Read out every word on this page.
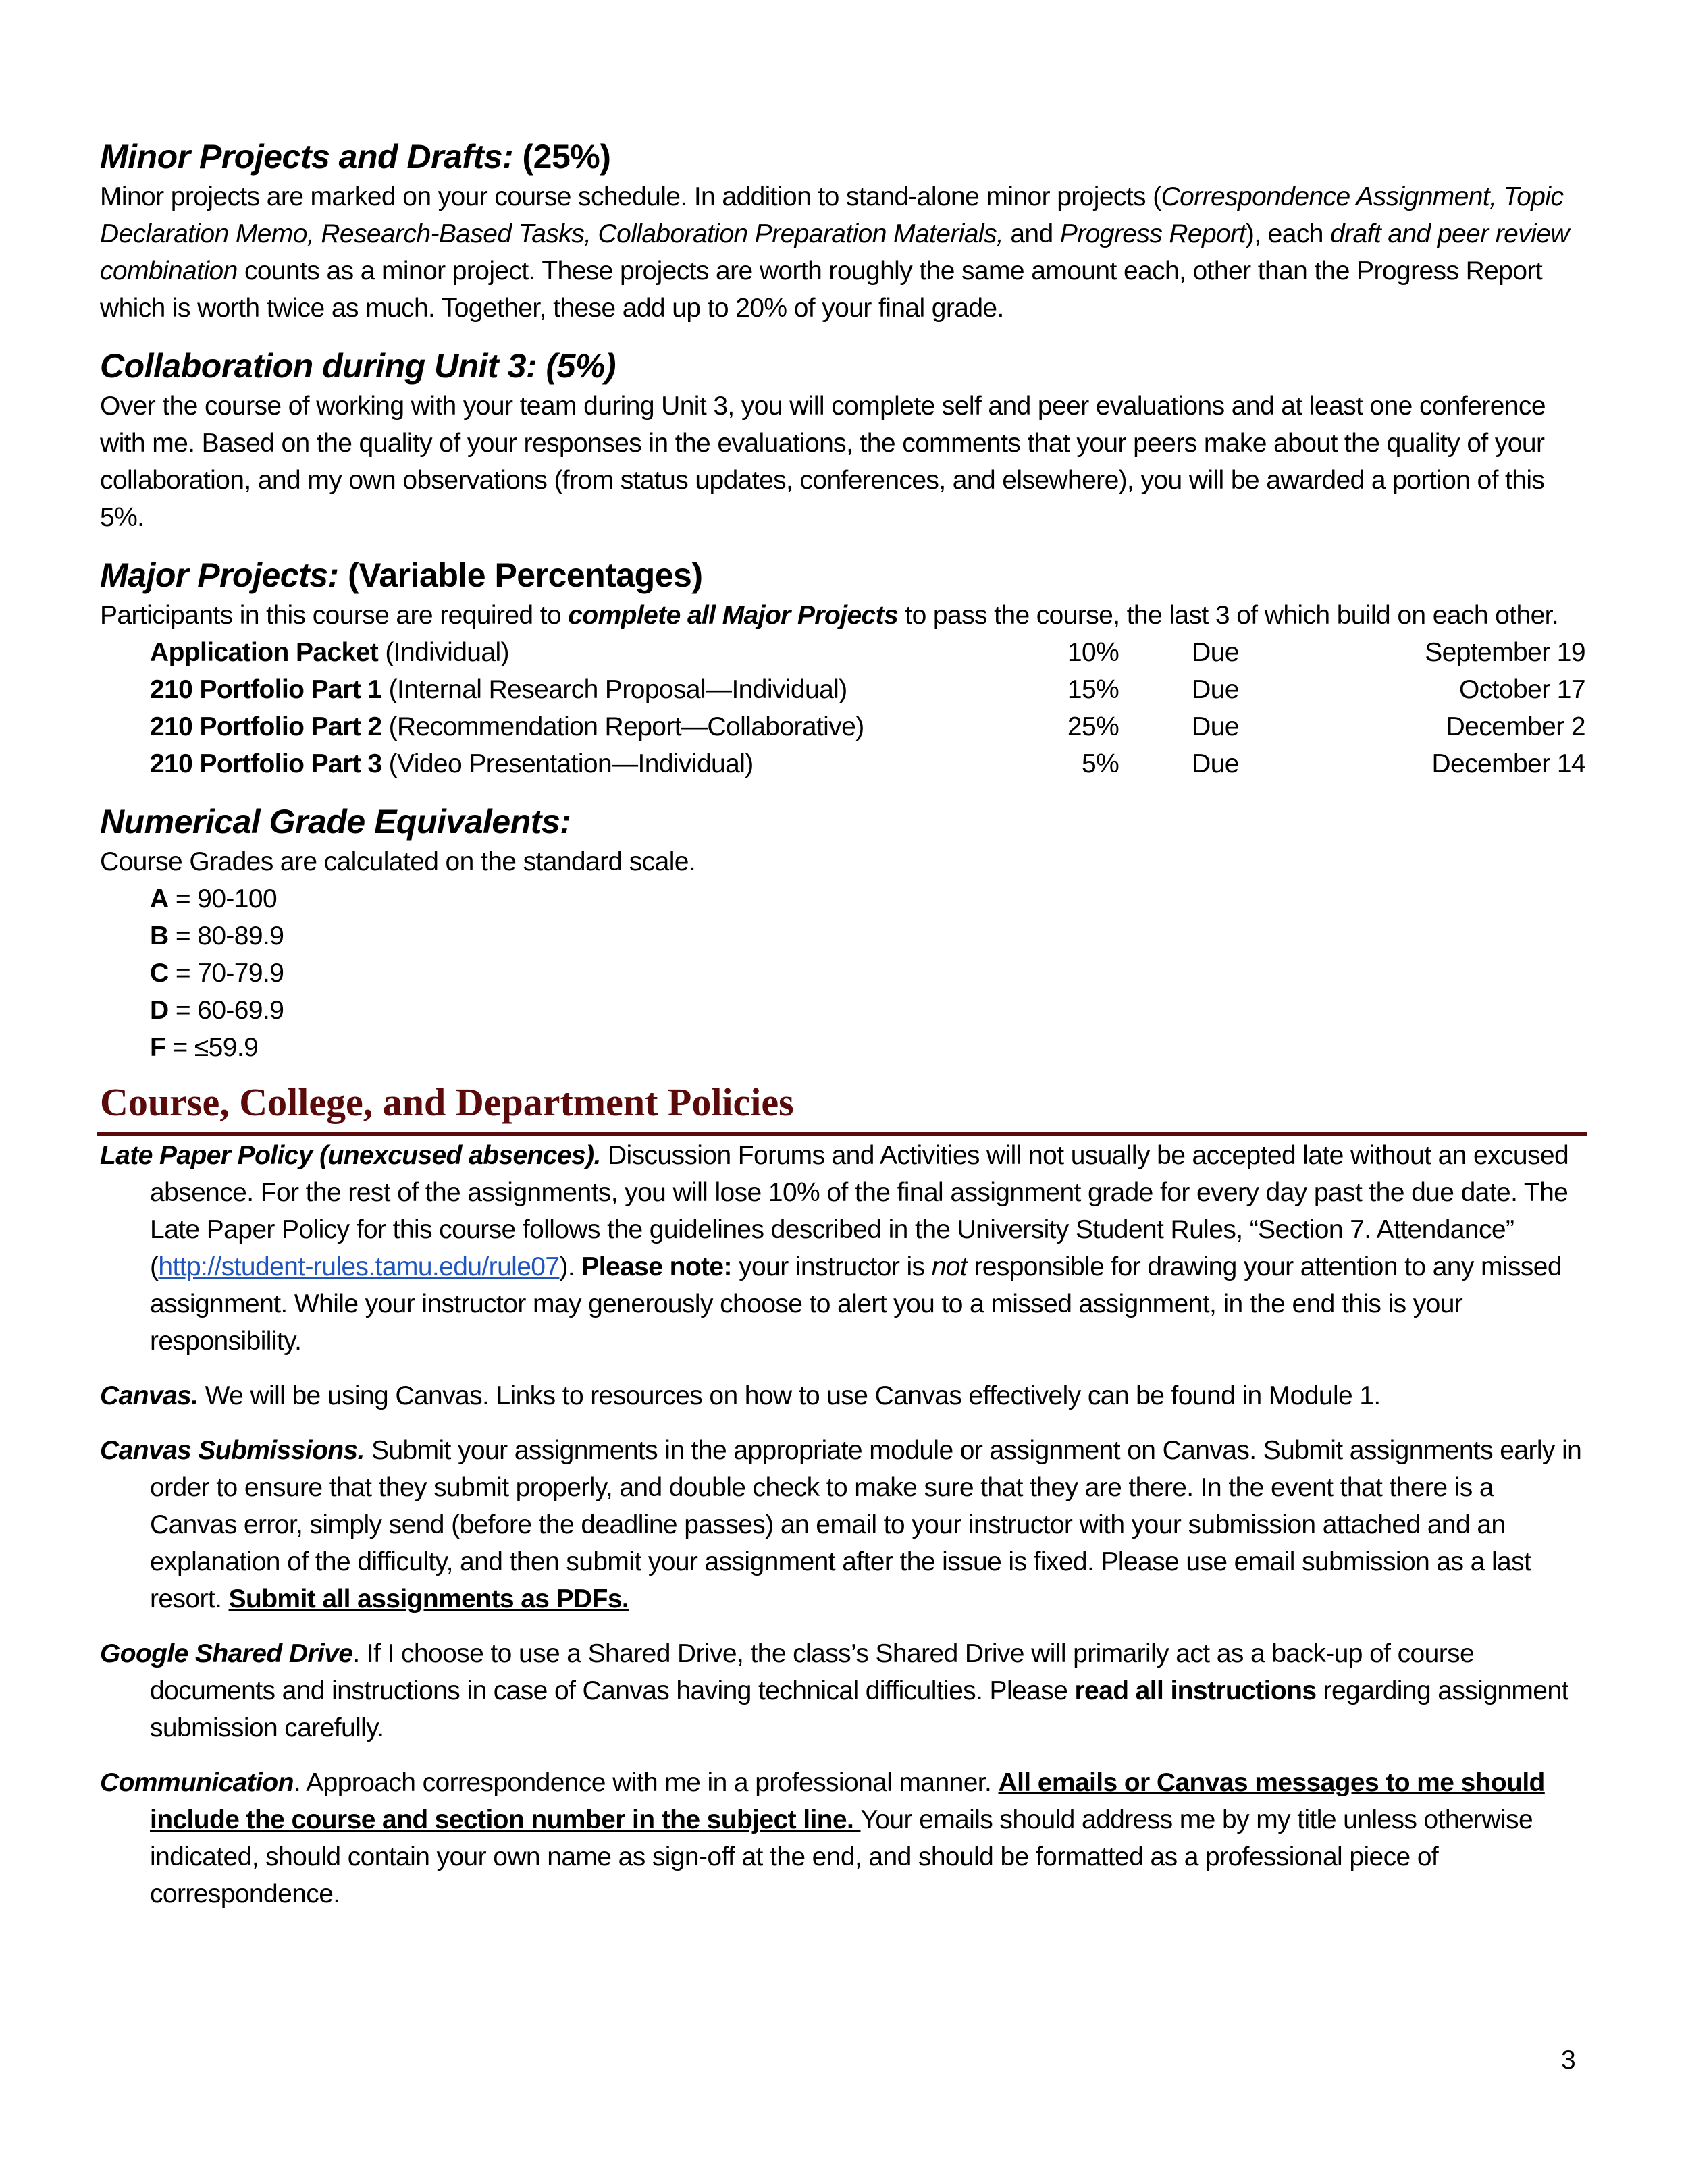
Minor Projects and Drafts: (25%)

Minor projects are marked on your course schedule. In addition to stand-alone minor projects (Correspondence Assignment, Topic Declaration Memo, Research-Based Tasks, Collaboration Preparation Materials, and Progress Report), each draft and peer review combination counts as a minor project. These projects are worth roughly the same amount each, other than the Progress Report which is worth twice as much. Together, these add up to 20% of your final grade.

Collaboration during Unit 3: (5%)

Over the course of working with your team during Unit 3, you will complete self and peer evaluations and at least one conference with me. Based on the quality of your responses in the evaluations, the comments that your peers make about the quality of your collaboration, and my own observations (from status updates, conferences, and elsewhere), you will be awarded a portion of this 5%.

Major Projects: (Variable Percentages)

Participants in this course are required to complete all Major Projects to pass the course, the last 3 of which build on each other.

Application Packet (Individual)	10%	Due	September 19
210 Portfolio Part 1 (Internal Research Proposal—Individual)	15%	Due	October 17
210 Portfolio Part 2 (Recommendation Report—Collaborative)	25%	Due	December 2
210 Portfolio Part 3 (Video Presentation—Individual)	5%	Due	December 14
Numerical Grade Equivalents:

Course Grades are calculated on the standard scale.

A = 90-100
B = 80-89.9
C = 70-79.9
D = 60-69.9
F = ≤59.9
Course, College, and Department Policies

Late Paper Policy (unexcused absences). Discussion Forums and Activities will not usually be accepted late without an excused absence. For the rest of the assignments, you will lose 10% of the final assignment grade for every day past the due date. The Late Paper Policy for this course follows the guidelines described in the University Student Rules, “Section 7. Attendance” (http://student-rules.tamu.edu/rule07). Please note: your instructor is not responsible for drawing your attention to any missed assignment. While your instructor may generously choose to alert you to a missed assignment, in the end this is your responsibility.

Canvas. We will be using Canvas. Links to resources on how to use Canvas effectively can be found in Module 1.

Canvas Submissions. Submit your assignments in the appropriate module or assignment on Canvas. Submit assignments early in order to ensure that they submit properly, and double check to make sure that they are there. In the event that there is a Canvas error, simply send (before the deadline passes) an email to your instructor with your submission attached and an explanation of the difficulty, and then submit your assignment after the issue is fixed. Please use email submission as a last resort. Submit all assignments as PDFs.

Google Shared Drive. If I choose to use a Shared Drive, the class’s Shared Drive will primarily act as a back-up of course documents and instructions in case of Canvas having technical difficulties. Please read all instructions regarding assignment submission carefully.

Communication. Approach correspondence with me in a professional manner. All emails or Canvas messages to me should include the course and section number in the subject line. Your emails should address me by my title unless otherwise indicated, should contain your own name as sign-off at the end, and should be formatted as a professional piece of correspondence.

3
